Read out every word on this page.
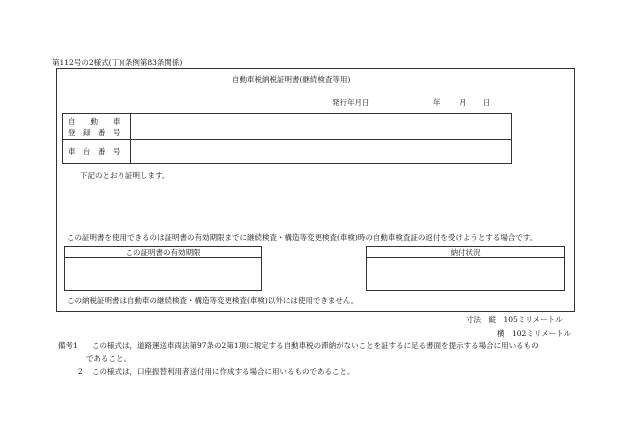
第112号の2様式(丁)(条例第83条関係)
自動車税納税証明書(継続検査等用)
発行年月日	年 月 日
自　　動　　車
登　録　番　号
車　台　番　号
下記のとおり証明します。
この証明書を使用できるのは証明書の有効期限までに継続検査・構造等変更検査(車検)時の自動車検査証の返付を受けようとする場合です。
この証明書の有効期限	納付状況
この納税証明書は自動車の継続検査・構造等変更検査(車検)以外には使用できません。
寸法　縦　105ミリメートル
横　102ミリメートル
備考1 この様式は，道路運送車両法第97条の2第1項に規定する自動車税の滞納がないことを証するに足る書面を提示する場合に用いるもの
であること。
2 この様式は，口座振替利用者送付用に作成する場合に用いるものであること。
